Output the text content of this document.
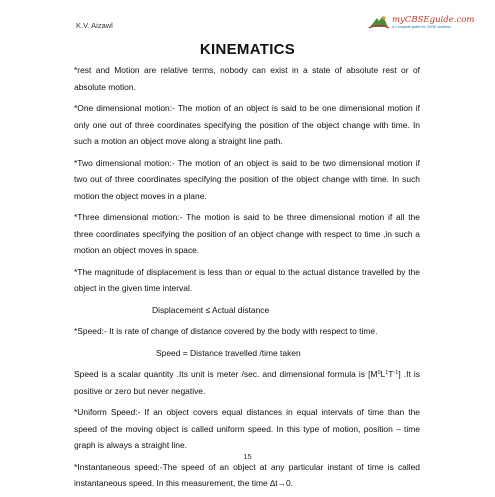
K.V. Aizawl
myCBSEguide.com
A Complete guide for CBSE students
KINEMATICS

*rest and Motion are relative terms, nobody can exist in a state of absolute rest or of absolute motion.

*One dimensional motion:- The motion of an object is said to be one dimensional motion if only one out of three coordinates specifying the position of the object change with time. In such a motion an object move along a straight line path.

*Two dimensional motion:- The motion of an object is said to be two dimensional motion if two out of three coordinates specifying the position of the object change with time. In such motion the object moves in a plane.

*Three dimensional motion:- The motion is said to be three dimensional motion if all the three coordinates specifying the position of an object change with respect to time ,in such a motion an object moves in space.

*The magnitude of displacement is less than or equal to the actual distance travelled by the object in the given time interval.

Displacement ≤ Actual distance

*Speed:- It is rate of change of distance covered by the body with respect to time.

Speed = Distance travelled /time taken

Speed is a scalar quantity .Its unit is meter /sec. and dimensional formula is $[M^0L^1T^{-1}]$ .It is positive or zero but never negative.

*Uniform Speed:- If an object covers equal distances in equal intervals of time than the speed of the moving object is called uniform speed. In this type of motion, position – time graph is always a straight line.

*Instantaneous speed:-The speed of an object at any particular instant of time is called instantaneous speed. In this measurement, the time ∆t→0.

15
